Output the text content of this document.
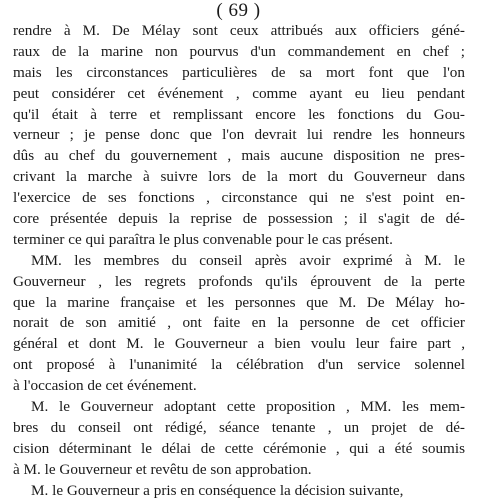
( 69 )

rendre à M. De Mélay sont ceux attribués aux officiers géné-
raux de la marine non pourvus d'un commandement en chef ;
mais les circonstances particulières de sa mort font que l'on
peut considérer cet événement , comme ayant eu lieu pendant
qu'il était à terre et remplissant encore les fonctions du Gou-
verneur ; je pense donc que l'on devrait lui rendre les honneurs
dûs au chef du gouvernement , mais aucune disposition ne pres-
crivant la marche à suivre lors de la mort du Gouverneur dans
l'exercice de ses fonctions , circonstance qui ne s'est point en-
core présentée depuis la reprise de possession ; il s'agit de dé-
terminer ce qui paraîtra le plus convenable pour le cas présent.

MM. les membres du conseil après avoir exprimé à M. le
Gouverneur , les regrets profonds qu'ils éprouvent de la perte
que la marine française et les personnes que M. De Mélay ho-
norait de son amitié , ont faite en la personne de cet officier
général et dont M. le Gouverneur a bien voulu leur faire part ,
ont proposé à l'unanimité la célébration d'un service solennel
à l'occasion de cet événement.

M. le Gouverneur adoptant cette proposition , MM. les mem-
bres du conseil ont rédigé, séance tenante , un projet de dé-
cision déterminant le délai de cette cérémonie , qui a été soumis
à M. le Gouverneur et revêtu de son approbation.

M. le Gouverneur a pris en conséquence la décision suivante,
